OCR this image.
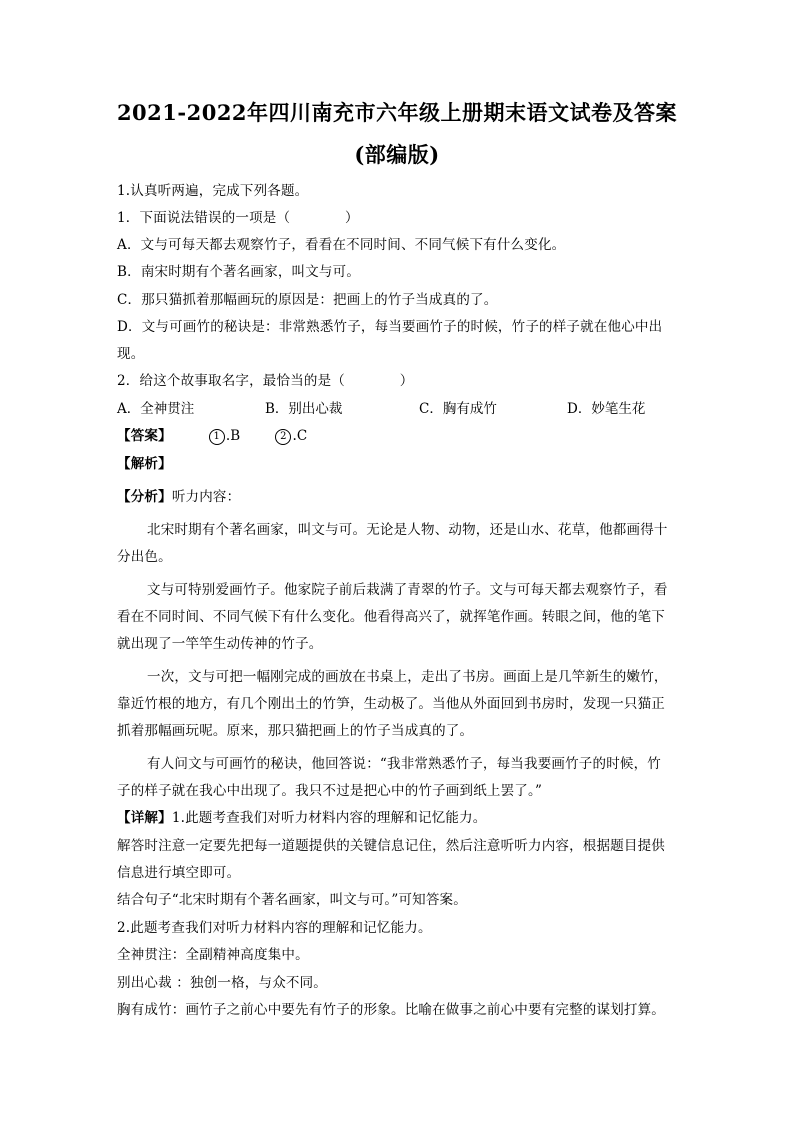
2021-2022年四川南充市六年级上册期末语文试卷及答案
(部编版)
1.认真听两遍，完成下列各题。
1．下面说法错误的一项是（　　　　）
A．文与可每天都去观察竹子，看看在不同时间、不同气候下有什么变化。
B．南宋时期有个著名画家，叫文与可。
C．那只猫抓着那幅画玩的原因是：把画上的竹子当成真的了。
D．文与可画竹的秘诀是：非常熟悉竹子，每当要画竹子的时候，竹子的样子就在他心中出
现。
2．给这个故事取名字，最恰当的是（　　　　）
A．全神贯注	B．别出心裁	C．胸有成竹	D．妙笔生花
【答案】	1 .B	2 .C
【解析】
【分析】听力内容：
北宋时期有个著名画家，叫文与可。无论是人物、动物，还是山水、花草，他都画得十
分出色。
文与可特别爱画竹子。他家院子前后栽满了青翠的竹子。文与可每天都去观察竹子，看
看在不同时间、不同气候下有什么变化。他看得高兴了，就挥笔作画。转眼之间，他的笔下
就出现了一竿竿生动传神的竹子。
一次，文与可把一幅刚完成的画放在书桌上，走出了书房。画面上是几竿新生的嫩竹，
靠近竹根的地方，有几个刚出土的竹笋，生动极了。当他从外面回到书房时，发现一只猫正
抓着那幅画玩呢。原来，那只猫把画上的竹子当成真的了。
有人问文与可画竹的秘诀，他回答说：“我非常熟悉竹子，每当我要画竹子的时候，竹
子的样子就在我心中出现了。我只不过是把心中的竹子画到纸上罢了。”
【详解】1.此题考查我们对听力材料内容的理解和记忆能力。
解答时注意一定要先把每一道题提供的关键信息记住，然后注意听听力内容，根据题目提供
信息进行填空即可。
结合句子“北宋时期有个著名画家，叫文与可。”可知答案。
2.此题考查我们对听力材料内容的理解和记忆能力。
全神贯注：全副精神高度集中。
别出心裁 ：独创一格，与众不同。
胸有成竹：画竹子之前心中要先有竹子的形象。比喻在做事之前心中要有完整的谋划打算。
